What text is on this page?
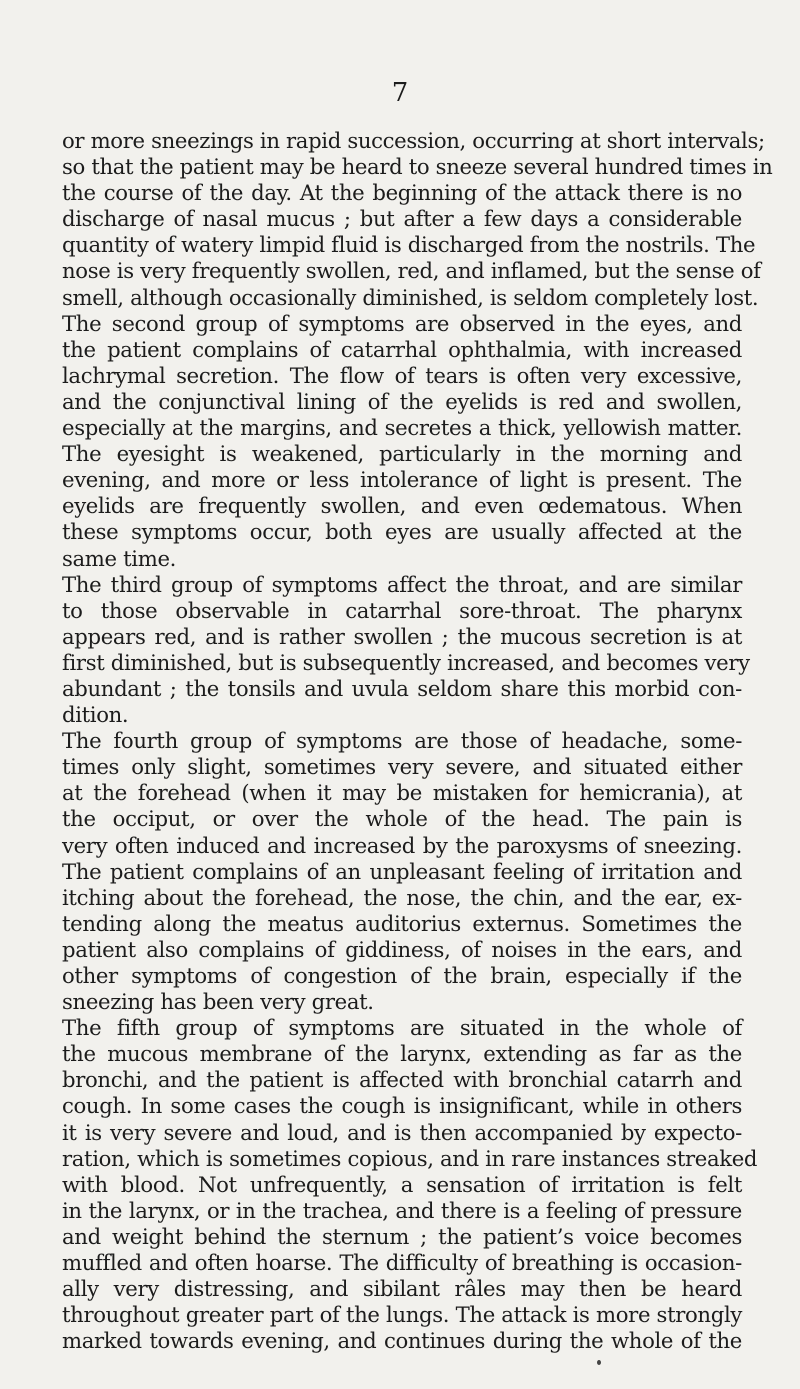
7
or more sneezings in rapid succession, occurring at short intervals;
so that the patient may be heard to sneeze several hundred times in
the course of the day. At the beginning of the attack there is no
discharge of nasal mucus ; but after a few days a considerable
quantity of watery limpid fluid is discharged from the nostrils. The
nose is very frequently swollen, red, and inflamed, but the sense of
smell, although occasionally diminished, is seldom completely lost.
The second group of symptoms are observed in the eyes, and
the patient complains of catarrhal ophthalmia, with increased
lachrymal secretion. The flow of tears is often very excessive,
and the conjunctival lining of the eyelids is red and swollen,
especially at the margins, and secretes a thick, yellowish matter.
The eyesight is weakened, particularly in the morning and
evening, and more or less intolerance of light is present. The
eyelids are frequently swollen, and even œdematous. When
these symptoms occur, both eyes are usually affected at the
same time.
The third group of symptoms affect the throat, and are similar
to those observable in catarrhal sore-throat. The pharynx
appears red, and is rather swollen ; the mucous secretion is at
first diminished, but is subsequently increased, and becomes very
abundant ; the tonsils and uvula seldom share this morbid con-
dition.
The fourth group of symptoms are those of headache, some-
times only slight, sometimes very severe, and situated either
at the forehead (when it may be mistaken for hemicrania), at
the occiput, or over the whole of the head. The pain is
very often induced and increased by the paroxysms of sneezing.
The patient complains of an unpleasant feeling of irritation and
itching about the forehead, the nose, the chin, and the ear, ex-
tending along the meatus auditorius externus. Sometimes the
patient also complains of giddiness, of noises in the ears, and
other symptoms of congestion of the brain, especially if the
sneezing has been very great.
The fifth group of symptoms are situated in the whole of
the mucous membrane of the larynx, extending as far as the
bronchi, and the patient is affected with bronchial catarrh and
cough. In some cases the cough is insignificant, while in others
it is very severe and loud, and is then accompanied by expecto-
ration, which is sometimes copious, and in rare instances streaked
with blood. Not unfrequently, a sensation of irritation is felt
in the larynx, or in the trachea, and there is a feeling of pressure
and weight behind the sternum ; the patient’s voice becomes
muffled and often hoarse. The difficulty of breathing is occasion-
ally very distressing, and sibilant râles may then be heard
throughout greater part of the lungs. The attack is more strongly
marked towards evening, and continues during the whole of the
